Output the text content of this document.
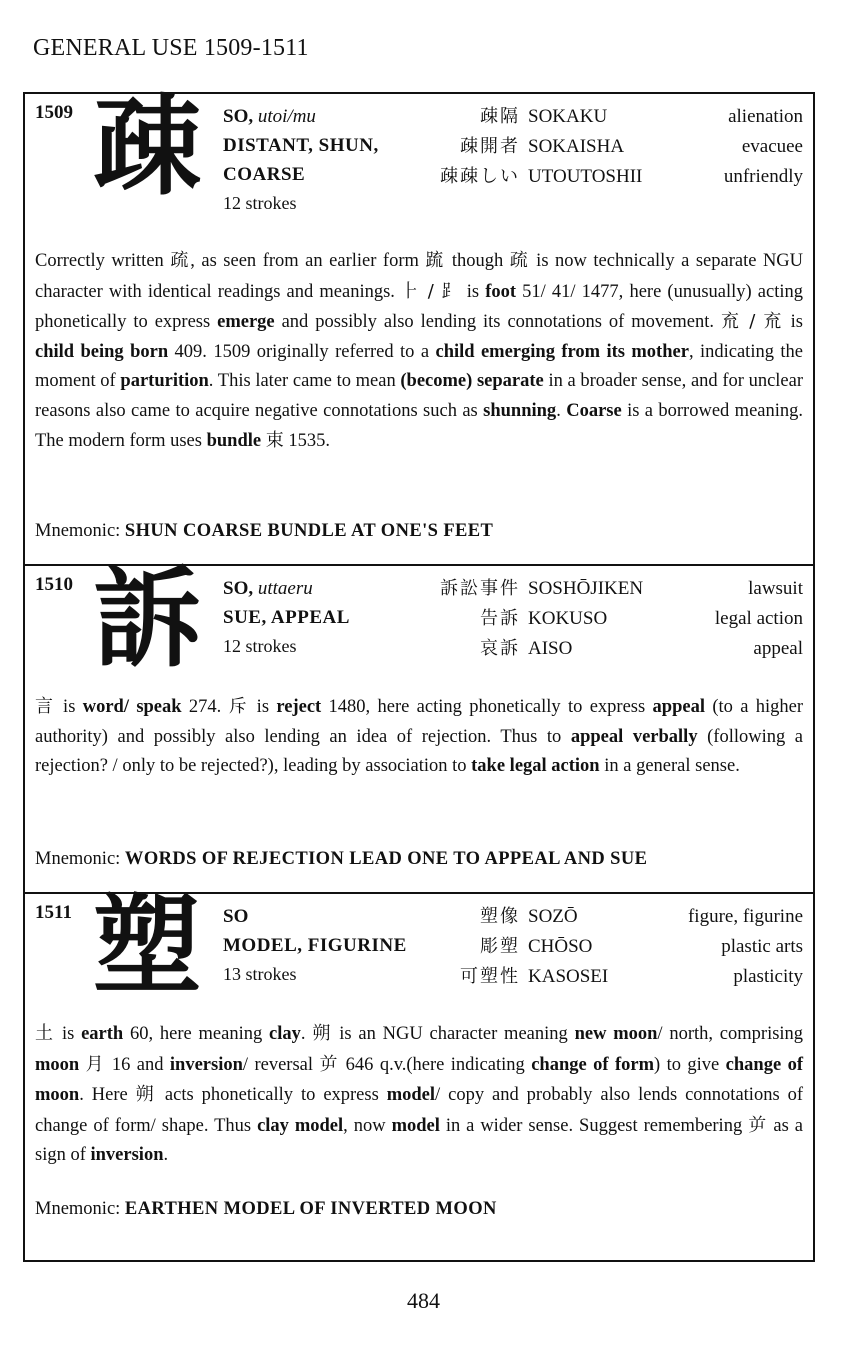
GENERAL USE 1509-1511
1509 疎 SO, utoi/mu
DISTANT, SHUN,
COARSE
12 strokes
疎隔 SOKAKU	alienation
疎開者 SOKAISHA	evacuee
疎疎しい UTOUTOSHII	unfriendly
Correctly written 疏, as seen from an earlier form 䟽 though 疏 is now technically a separate NGU character with identical readings and meanings. ⺊ / ⻊ is foot 51/ 41/ 1477, here (unusually) acting phonetically to express emerge and possibly also lending its connotations of movement. 㐬 / 㐬 is child being born 409. 1509 originally referred to a child emerging from its mother, indicating the moment of parturition. This later came to mean (become) separate in a broader sense, and for unclear reasons also came to acquire negative connotations such as shunning. Coarse is a borrowed meaning. The modern form uses bundle 束 1535.
Mnemonic: SHUN COARSE BUNDLE AT ONE'S FEET
1510 訴 SO, uttaeru
SUE, APPEAL
12 strokes
訴訟事件 SOSHŌJIKEN	lawsuit
告訴 KOKUSO	legal action
哀訴 AISO	appeal
言 is word/ speak 274. 斥 is reject 1480, here acting phonetically to express appeal (to a higher authority) and possibly also lending an idea of rejection. Thus to appeal verbally (following a rejection? / only to be rejected?), leading by association to take legal action in a general sense.
Mnemonic: WORDS OF REJECTION LEAD ONE TO APPEAL AND SUE
1511 塑 SO
MODEL, FIGURINE
13 strokes
塑像 SOZŌ	figure, figurine
彫塑 CHŌSO	plastic arts
可塑性 KASOSEI	plasticity
土 is earth 60, here meaning clay. 朔 is an NGU character meaning new moon/ north, comprising moon 月 16 and inversion/ reversal 屰 646 q.v.(here indicating change of form) to give change of moon. Here 朔 acts phonetically to express model/ copy and probably also lends connotations of change of form/ shape. Thus clay model, now model in a wider sense. Suggest remembering 屰 as a sign of inversion.
Mnemonic: EARTHEN MODEL OF INVERTED MOON
484
